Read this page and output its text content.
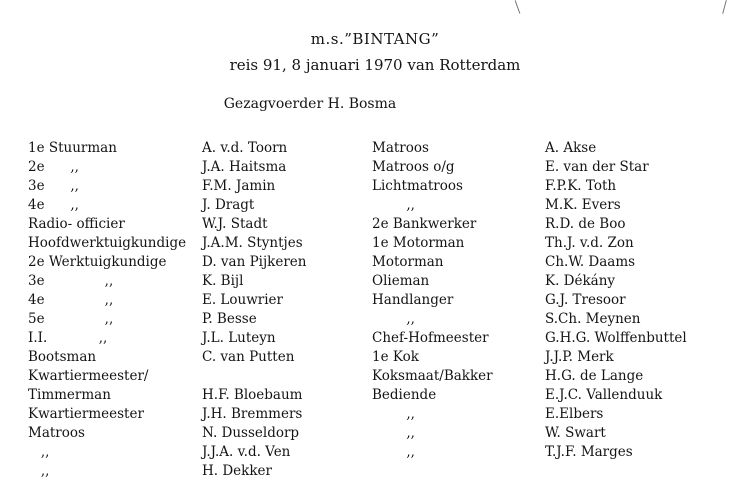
m.s.”BINTANG”
reis 91, 8 januari 1970 van Rotterdam
Gezagvoerder H. Bosma
1e Stuurman
2e      ,,
3e      ,,
4e      ,,
Radio- officier
Hoofdwerktuigkundige
2e Werktuigkundige
3e              ,,
4e              ,,
5e              ,,
I.I.            ,,
Bootsman
Kwartiermeester/
Timmerman
Kwartiermeester
Matroos
,,
,,
A. v.d. Toorn
J.A. Haitsma
F.M. Jamin
J. Dragt
W.J. Stadt
J.A.M. Styntjes
D. van Pijkeren
K. Bijl
E. Louwrier
P. Besse
J.L. Luteyn
C. van Putten
H.F. Bloebaum
J.H. Bremmers
N. Dusseldorp
J.J.A. v.d. Ven
H. Dekker
Matroos
Matroos o/g
Lichtmatroos
,,
2e Bankwerker
1e Motorman
Motorman
Olieman
Handlanger
,,
Chef-Hofmeester
1e Kok
Koksmaat/Bakker
Bediende
,,
,,
,,
A. Akse
E. van der Star
F.P.K. Toth
M.K. Evers
R.D. de Boo
Th.J. v.d. Zon
Ch.W. Daams
K. Dékány
G.J. Tresoor
S.Ch. Meynen
G.H.G. Wolffenbuttel
J.J.P. Merk
H.G. de Lange
E.J.C. Vallenduuk
E.Elbers
W. Swart
T.J.F. Marges
